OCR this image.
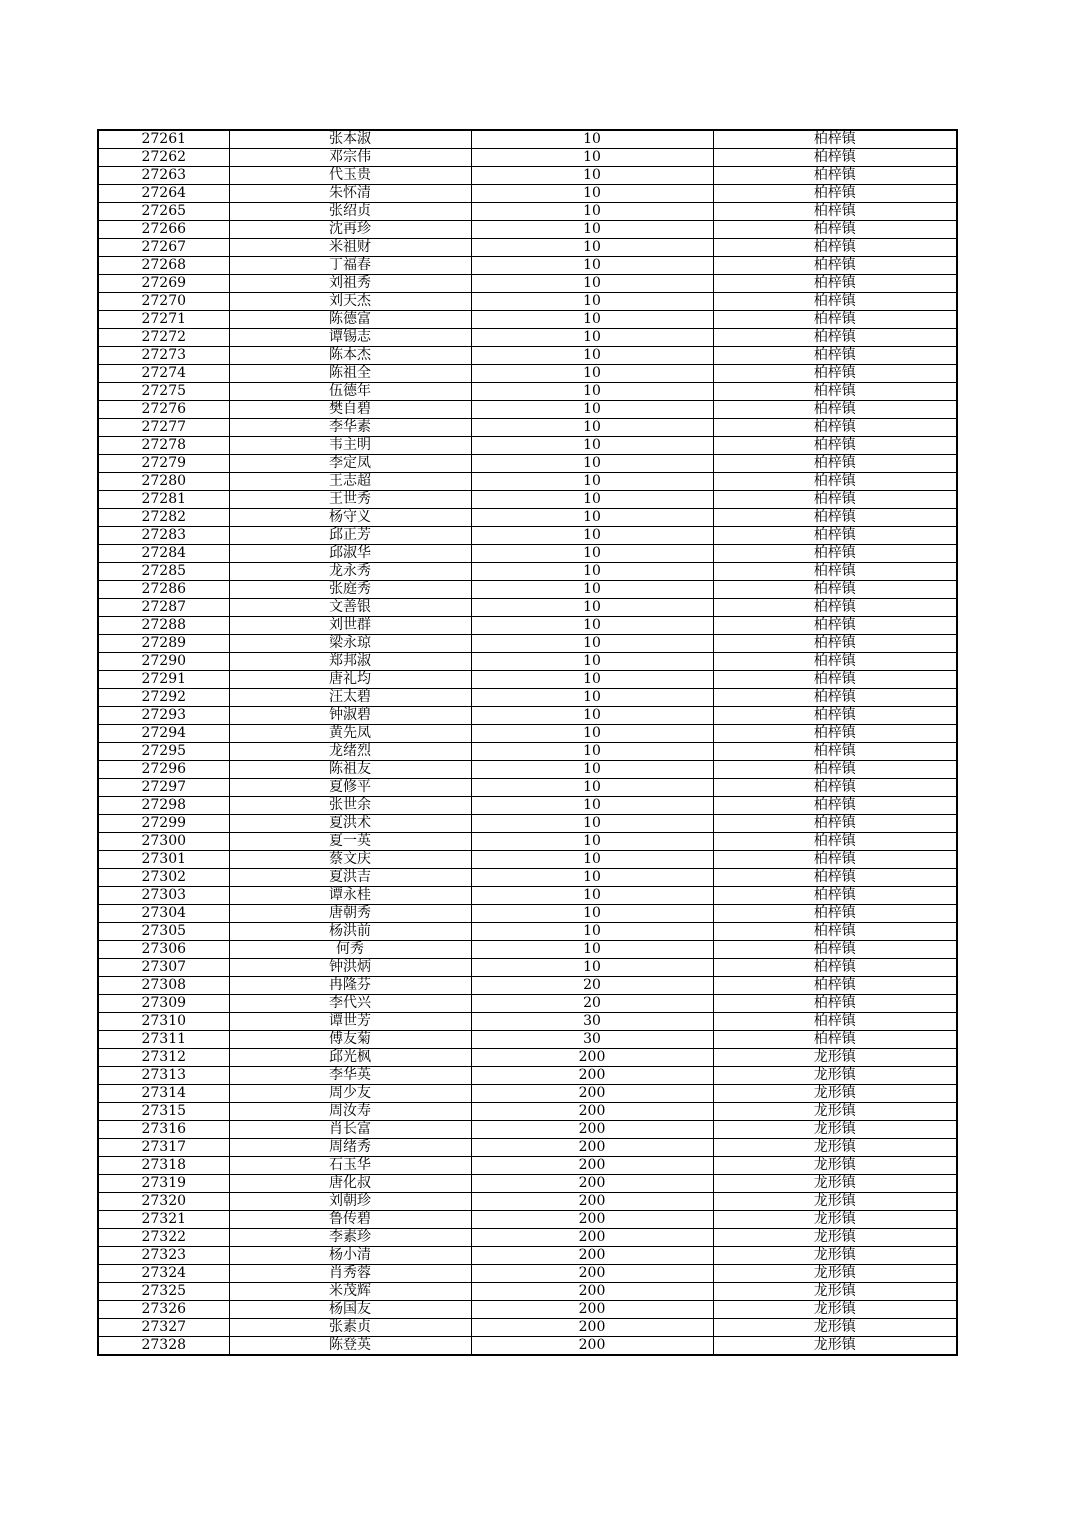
27261	张本淑	10	柏梓镇
27262	邓宗伟	10	柏梓镇
27263	代玉贵	10	柏梓镇
27264	朱怀清	10	柏梓镇
27265	张绍贞	10	柏梓镇
27266	沈再珍	10	柏梓镇
27267	米祖财	10	柏梓镇
27268	丁福春	10	柏梓镇
27269	刘祖秀	10	柏梓镇
27270	刘天杰	10	柏梓镇
27271	陈德富	10	柏梓镇
27272	谭锡志	10	柏梓镇
27273	陈本杰	10	柏梓镇
27274	陈祖全	10	柏梓镇
27275	伍德年	10	柏梓镇
27276	樊自碧	10	柏梓镇
27277	李华素	10	柏梓镇
27278	韦主明	10	柏梓镇
27279	李定凤	10	柏梓镇
27280	王志超	10	柏梓镇
27281	王世秀	10	柏梓镇
27282	杨守义	10	柏梓镇
27283	邱正芳	10	柏梓镇
27284	邱淑华	10	柏梓镇
27285	龙永秀	10	柏梓镇
27286	张庭秀	10	柏梓镇
27287	文善银	10	柏梓镇
27288	刘世群	10	柏梓镇
27289	梁永琼	10	柏梓镇
27290	郑邦淑	10	柏梓镇
27291	唐礼均	10	柏梓镇
27292	汪太碧	10	柏梓镇
27293	钟淑碧	10	柏梓镇
27294	黄先凤	10	柏梓镇
27295	龙绪烈	10	柏梓镇
27296	陈祖友	10	柏梓镇
27297	夏修平	10	柏梓镇
27298	张世余	10	柏梓镇
27299	夏洪术	10	柏梓镇
27300	夏一英	10	柏梓镇
27301	蔡文庆	10	柏梓镇
27302	夏洪吉	10	柏梓镇
27303	谭永桂	10	柏梓镇
27304	唐朝秀	10	柏梓镇
27305	杨洪前	10	柏梓镇
27306	何秀	10	柏梓镇
27307	钟洪炳	10	柏梓镇
27308	冉隆芬	20	柏梓镇
27309	李代兴	20	柏梓镇
27310	谭世芳	30	柏梓镇
27311	傅友菊	30	柏梓镇
27312	邱光枫	200	龙形镇
27313	李华英	200	龙形镇
27314	周少友	200	龙形镇
27315	周汝寿	200	龙形镇
27316	肖长富	200	龙形镇
27317	周绪秀	200	龙形镇
27318	石玉华	200	龙形镇
27319	唐化叔	200	龙形镇
27320	刘朝珍	200	龙形镇
27321	鲁传碧	200	龙形镇
27322	李素珍	200	龙形镇
27323	杨小清	200	龙形镇
27324	肖秀蓉	200	龙形镇
27325	米茂辉	200	龙形镇
27326	杨国友	200	龙形镇
27327	张素贞	200	龙形镇
27328	陈登英	200	龙形镇
